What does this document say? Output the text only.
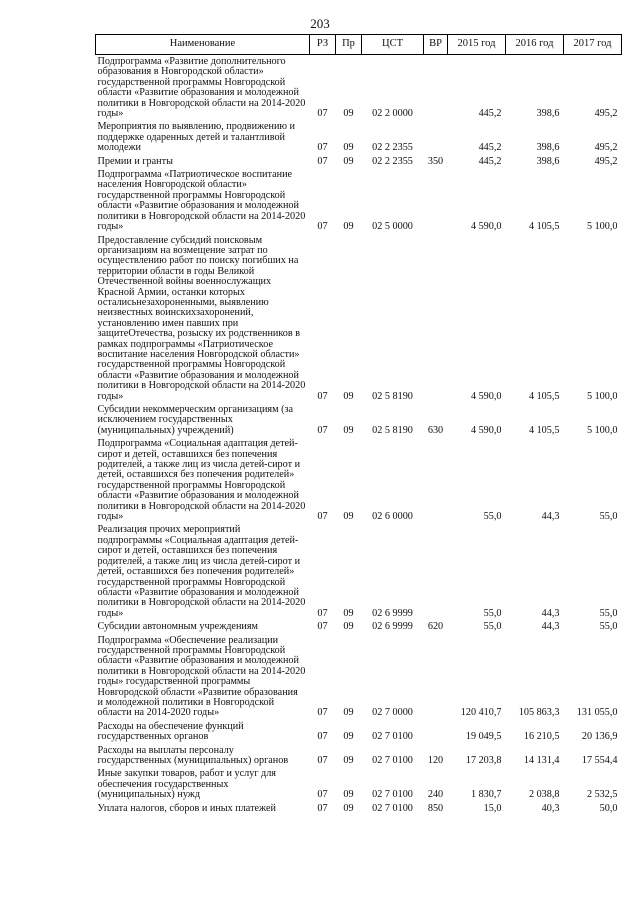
203
Наименование	РЗ	Пр	ЦСТ	ВР	2015 год	2016 год	2017 год
Подпрограмма «Развитие дополнительного образования в Новгородской области» государственной программы Новгородской области «Развитие образования и молодежной политики в Новгородской области на 2014-2020 годы»	07	09	02 2 0000		445,2	398,6	495,2
Мероприятия по выявлению, продвижению и поддержке одаренных детей и талантливой молодежи	07	09	02 2 2355		445,2	398,6	495,2
Премии и гранты	07	09	02 2 2355	350	445,2	398,6	495,2
Подпрограмма «Патриотическое воспитание населения Новгородской области» государственной программы Новгородской области «Развитие образования и молодежной политики в Новгородской области на 2014-2020 годы»	07	09	02 5 0000		4 590,0	4 105,5	5 100,0
Предоставление субсидий поисковым организациям на возмещение затрат по осуществлению работ по поиску погибших на территории области в годы Великой Отечественной войны военнослужащих Красной Армии, останки которых осталисьнезахороненными, выявлению неизвестных воинскихзахоронений, установлению имен павших при защитеОтечества, розыску их родственников в рамках подпрограммы «Патриотическое воспитание населения Новгородской области» государственной программы Новгородской области «Развитие образования и молодежной политики в Новгородской области на 2014-2020 годы»	07	09	02 5 8190		4 590,0	4 105,5	5 100,0
Субсидии некоммерческим организациям (за исключением государственных (муниципальных) учреждений)	07	09	02 5 8190	630	4 590,0	4 105,5	5 100,0
Подпрограмма «Социальная адаптация детей-сирот и детей, оставшихся без попечения родителей, а также лиц из числа детей-сирот и детей, оставшихся без попечения родителей» государственной программы Новгородской области «Развитие образования и молодежной политики в Новгородской области на 2014-2020 годы»	07	09	02 6 0000		55,0	44,3	55,0
Реализация прочих мероприятий подпрограммы «Социальная адаптация детей-сирот и детей, оставшихся без попечения родителей, а также лиц из числа детей-сирот и детей, оставшихся без попечения родителей» государственной программы Новгородской области «Развитие образования и молодежной политики в Новгородской области на 2014-2020 годы»	07	09	02 6 9999		55,0	44,3	55,0
Субсидии автономным учреждениям	07	09	02 6 9999	620	55,0	44,3	55,0
Подпрограмма «Обеспечение реализации государственной программы Новгородской области «Развитие образования и молодежной политики в Новгородской области на 2014-2020 годы» государственной программы Новгородской области «Развитие образования и молодежной политики в Новгородской области на 2014-2020 годы»	07	09	02 7 0000		120 410,7	105 863,3	131 055,0
Расходы на обеспечение функций государственных органов	07	09	02 7 0100		19 049,5	16 210,5	20 136,9
Расходы на выплаты персоналу государственных (муниципальных) органов	07	09	02 7 0100	120	17 203,8	14 131,4	17 554,4
Иные закупки товаров, работ и услуг для обеспечения государственных (муниципальных) нужд	07	09	02 7 0100	240	1 830,7	2 038,8	2 532,5
Уплата налогов, сборов и иных платежей	07	09	02 7 0100	850	15,0	40,3	50,0
